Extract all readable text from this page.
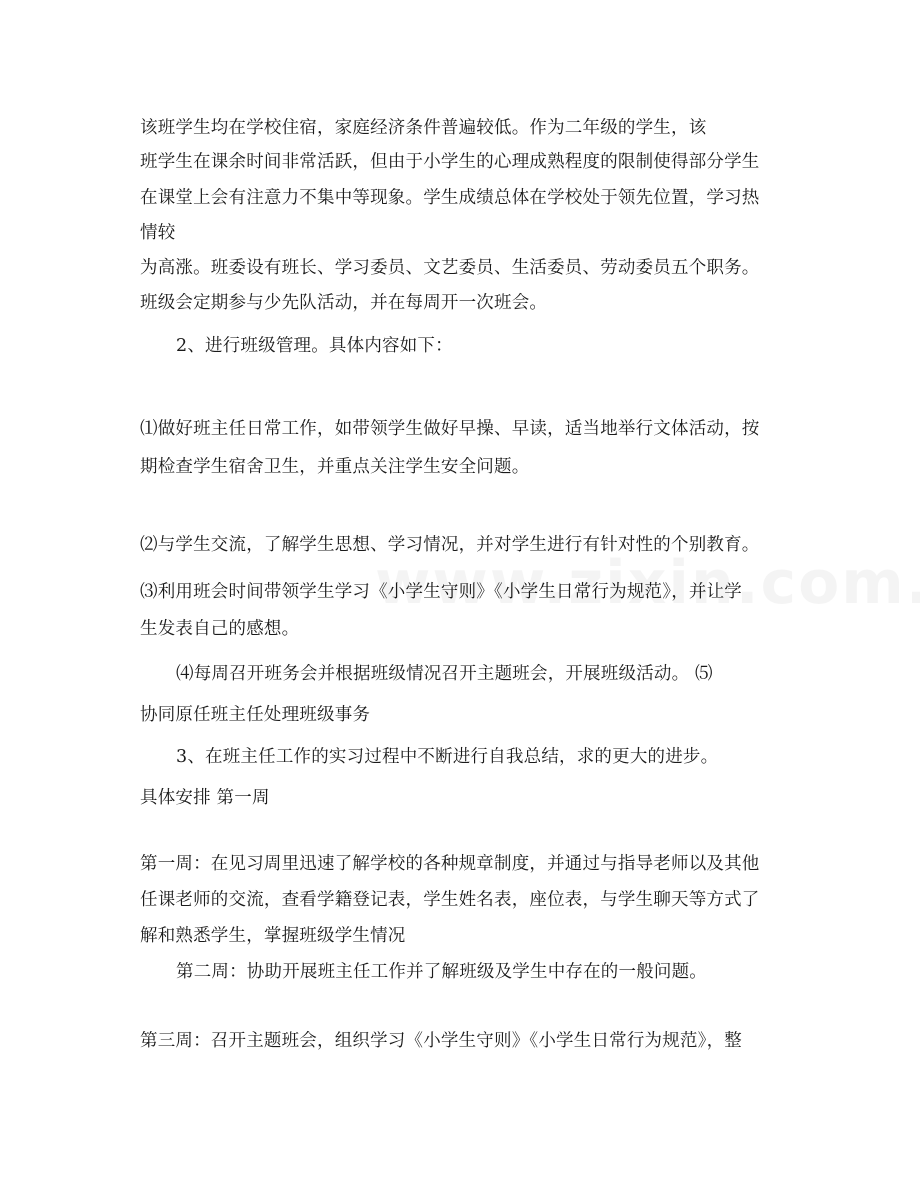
该班学生均在学校住宿，家庭经济条件普遍较低。作为二年级的学生，该
班学生在课余时间非常活跃，但由于小学生的心理成熟程度的限制使得部分学生
在课堂上会有注意力不集中等现象。学生成绩总体在学校处于领先位置，学习热
情较
为高涨。班委设有班长、学习委员、文艺委员、生活委员、劳动委员五个职务。
班级会定期参与少先队活动，并在每周开一次班会。
2、进行班级管理。具体内容如下：
⑴做好班主任日常工作，如带领学生做好早操、早读，适当地举行文体活动，按
期检查学生宿舍卫生，并重点关注学生安全问题。
⑵与学生交流，了解学生思想、学习情况，并对学生进行有针对性的个别教育。
⑶利用班会时间带领学生学习《小学生守则》《小学生日常行为规范》，并让学
生发表自己的感想。
⑷每周召开班务会并根据班级情况召开主题班会，开展班级活动。 ⑸
协同原任班主任处理班级事务
3、在班主任工作的实习过程中不断进行自我总结，求的更大的进步。
具体安排 第一周
第一周：在见习周里迅速了解学校的各种规章制度，并通过与指导老师以及其他
任课老师的交流，查看学籍登记表，学生姓名表，座位表，与学生聊天等方式了
解和熟悉学生，掌握班级学生情况
第二周：协助开展班主任工作并了解班级及学生中存在的一般问题。
第三周：召开主题班会，组织学习《小学生守则》《小学生日常行为规范》，整
